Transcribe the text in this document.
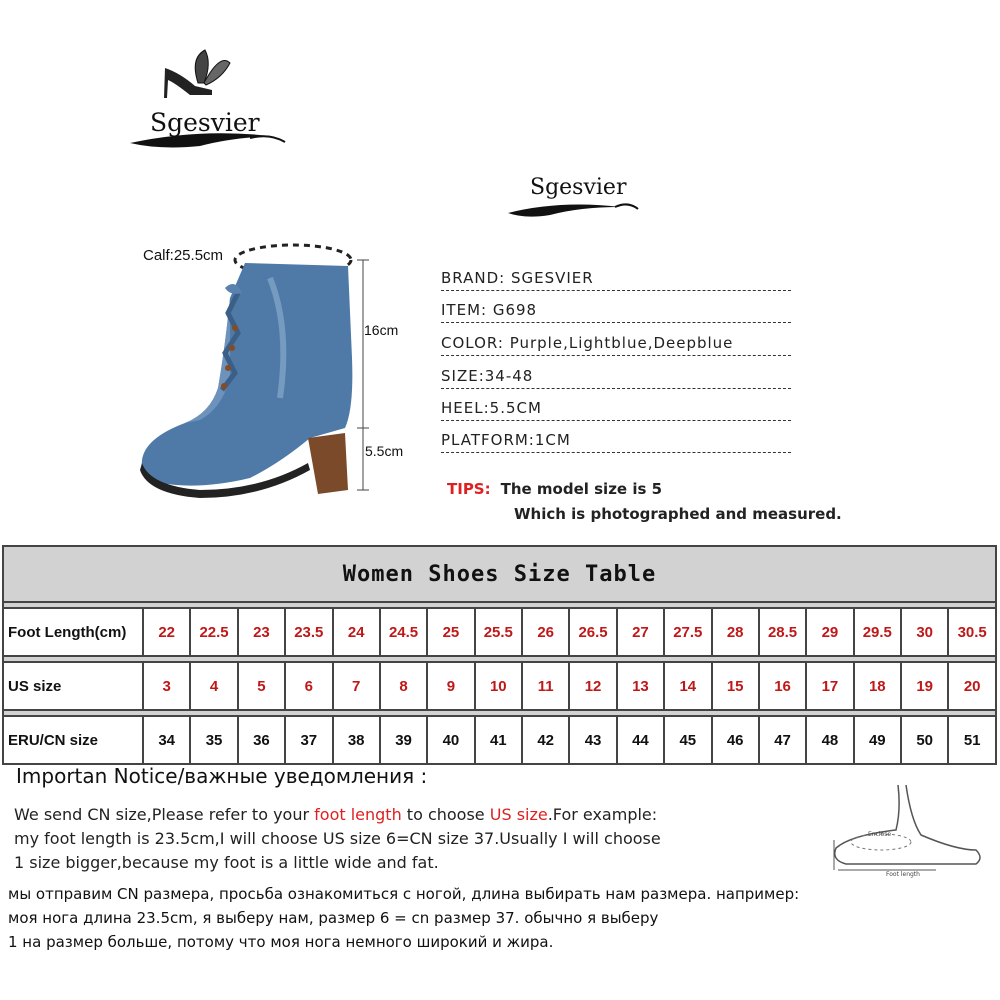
Sgesvier
Sgesvier
Calf:25.5cm
16cm
5.5cm
BRAND: SGESVIER
ITEM: G698
COLOR: Purple,Lightblue,Deepblue
SIZE:34-48
HEEL:5.5CM
PLATFORM:1CM
TIPS: The model size is 5
Which is photographed and measured.
Women Shoes Size Table																		

Foot Length(cm)	22	22.5	23	23.5	24	24.5	25	25.5	26	26.5	27	27.5	28	28.5	29	29.5	30	30.5

US size	3	4	5	6	7	8	9	10	11	12	13	14	15	16	17	18	19	20

ERU/CN size	34	35	36	37	38	39	40	41	42	43	44	45	46	47	48	49	50	51
Importan Notice/важные уведомления :
We send CN size,Please refer to your foot length to choose US size.For example:
my foot length is 23.5cm,I will choose US size 6=CN size 37.Usually I will choose
1 size bigger,because my foot is a little wide and fat.
мы отправим CN размера, просьба ознакомиться с ногой, длина выбирать нам размера. например:
моя нога длина 23.5cm, я выберу нам, размер 6 = cn размер 37. обычно я выберу
1 на размер больше, потому что моя нога немного широкий и жира.
Enclose
Foot length
